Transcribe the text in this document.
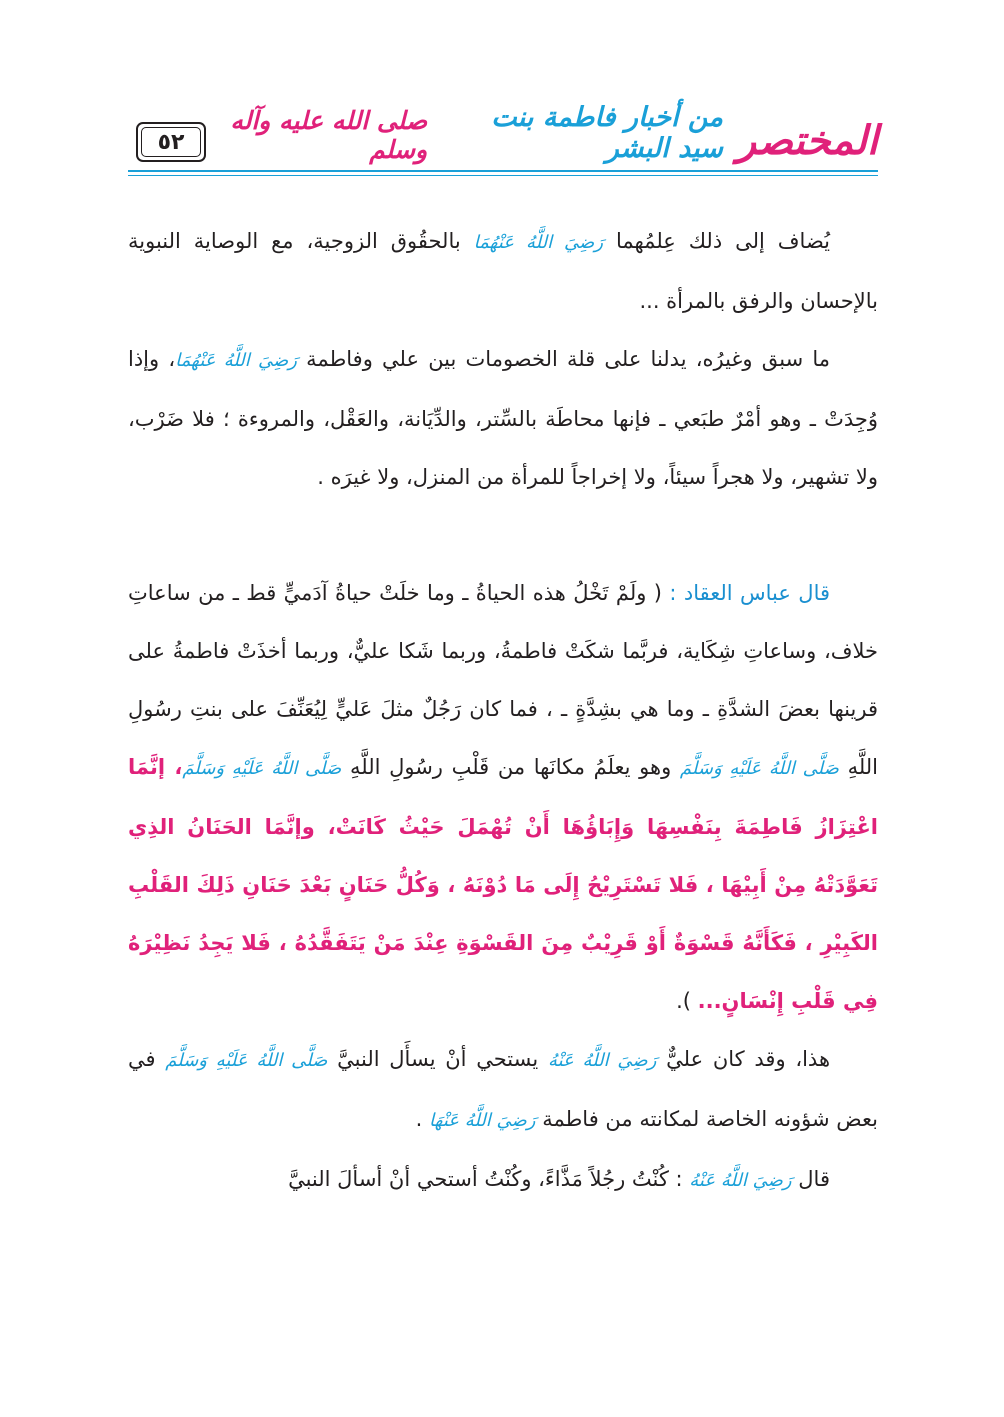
٥٢	المختصر
من أخبار فاطمة بنت سيد البشر
صلى الله عليه وآله وسلم

يُضاف إلى ذلك عِلمُهما رَضِيَ اللَّهُ عَنْهُمَا بالحقُوق الزوجية، مع الوصاية النبوية بالإحسان والرفق بالمرأة ...

ما سبق وغيرُه، يدلنا على قلة الخصومات بين علي وفاطمة رَضِيَ اللَّهُ عَنْهُمَا، وإذا وُجِدَتْ ـ وهو أمْرٌ طبَعي ـ فإنها محاطَة بالسِّتر، والدِّيَانة، والعَقْل، والمروءة ؛ فلا ضَرْب، ولا تشهير، ولا هجراً سيئاً، ولا إخراجاً للمرأة من المنزل، ولا غيرَه .

قال عباس العقاد : ( ولَمْ تَخْلُ هذه الحياةُ ـ وما خلَتْ حياةُ آدَميٍّ قط ـ من ساعاتِ خلاف، وساعاتِ شِكَاية، فربَّما شكَتْ فاطمةُ، وربما شَكا عليٌّ، وربما أخذَتْ فاطمةُ على قرينها بعضَ الشدَّةِ ـ وما هي بشِدَّةٍ ـ ، فما كان رَجُلٌ مثلَ عَليٍّ لِيُعَنِّفَ على بنتِ رسُولِ اللَّهِ صَلَّى اللَّهُ عَلَيْهِ وَسَلَّمَ وهو يعلَمُ مكانَها من قَلْبِ رسُولِ اللَّهِ صَلَّى اللَّهُ عَلَيْهِ وَسَلَّمَ، إنَّمَا اعْتِزَازُ فَاطِمَةَ بِنَفْسِهَا وَإِبَاؤُهَا أَنْ تُهْمَلَ حَيْثُ كَانَتْ، وإنَّمَا الحَنَانُ الذِي تَعَوَّدَتْهُ مِنْ أَبِيْهَا ، فَلا تَسْتَرِيْحُ إِلَى مَا دُوْنَهُ ، وَكُلُّ حَنَانٍ بَعْدَ حَنَانِ ذَلِكَ القَلْبِ الكَبِيْرِ ، فَكَأَنَّهُ قَسْوَةٌ أَوْ قَرِيْبٌ مِنَ القَسْوَةِ عِنْدَ مَنْ يَتَفَقَّدُهُ ، فَلا يَجِدُ نَظِيْرَهُ فِي قَلْبِ إِنْسَانٍ... ).

هذا، وقد كان عليٌّ رَضِيَ اللَّهُ عَنْهُ يستحي أنْ يسأَل النبيَّ صَلَّى اللَّهُ عَلَيْهِ وَسَلَّمَ في بعض شؤونه الخاصة لمكانته من فاطمة رَضِيَ اللَّهُ عَنْهَا .

قال رَضِيَ اللَّهُ عَنْهُ : كُنْتُ رجُلاً مَذَّاءً، وكُنْتُ أستحي أنْ أسألَ النبيَّ
